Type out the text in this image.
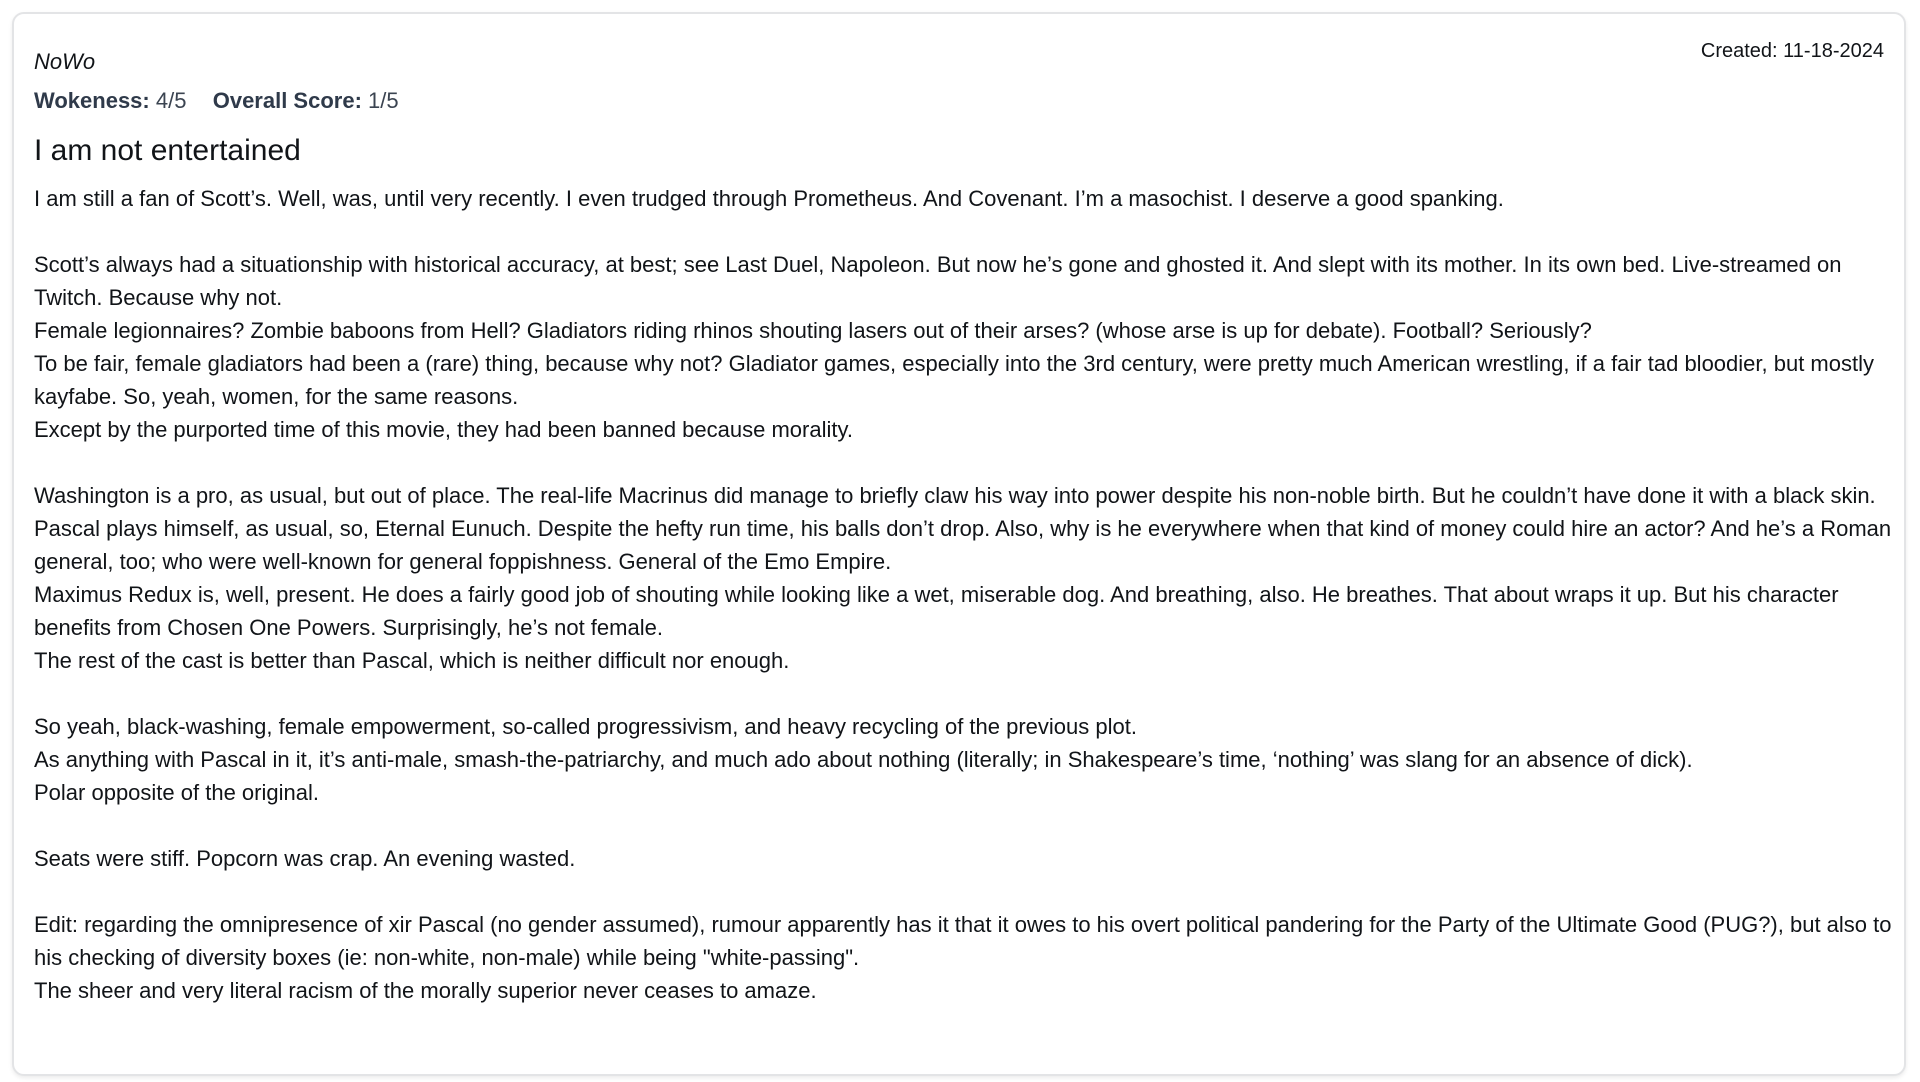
Created: 11-18-2024
NoWo
Wokeness: 4/5 Overall Score: 1/5
I am not entertained

I am still a fan of Scott’s. Well, was, until very recently. I even trudged through Prometheus. And Covenant. I’m a masochist. I deserve a good spanking.

Scott’s always had a situationship with historical accuracy, at best; see Last Duel, Napoleon. But now he’s gone and ghosted it. And slept with its mother. In its own bed. Live-streamed on Twitch. Because why not.

Female legionnaires? Zombie baboons from Hell? Gladiators riding rhinos shouting lasers out of their arses? (whose arse is up for debate). Football? Seriously?

To be fair, female gladiators had been a (rare) thing, because why not? Gladiator games, especially into the 3rd century, were pretty much American wrestling, if a fair tad bloodier, but mostly kayfabe. So, yeah, women, for the same reasons.

Except by the purported time of this movie, they had been banned because morality.

Washington is a pro, as usual, but out of place. The real-life Macrinus did manage to briefly claw his way into power despite his non-noble birth. But he couldn’t have done it with a black skin.

Pascal plays himself, as usual, so, Eternal Eunuch. Despite the hefty run time, his balls don’t drop. Also, why is he everywhere when that kind of money could hire an actor? And he’s a Roman general, too; who were well-known for general foppishness. General of the Emo Empire.

Maximus Redux is, well, present. He does a fairly good job of shouting while looking like a wet, miserable dog. And breathing, also. He breathes. That about wraps it up. But his character benefits from Chosen One Powers. Surprisingly, he’s not female.

The rest of the cast is better than Pascal, which is neither difficult nor enough.

So yeah, black-washing, female empowerment, so-called progressivism, and heavy recycling of the previous plot.

As anything with Pascal in it, it’s anti-male, smash-the-patriarchy, and much ado about nothing (literally; in Shakespeare’s time, ‘nothing’ was slang for an absence of dick).

Polar opposite of the original.

Seats were stiff. Popcorn was crap. An evening wasted.

Edit: regarding the omnipresence of xir Pascal (no gender assumed), rumour apparently has it that it owes to his overt political pandering for the Party of the Ultimate Good (PUG?), but also to his checking of diversity boxes (ie: non-white, non-male) while being "white-passing".

The sheer and very literal racism of the morally superior never ceases to amaze.
